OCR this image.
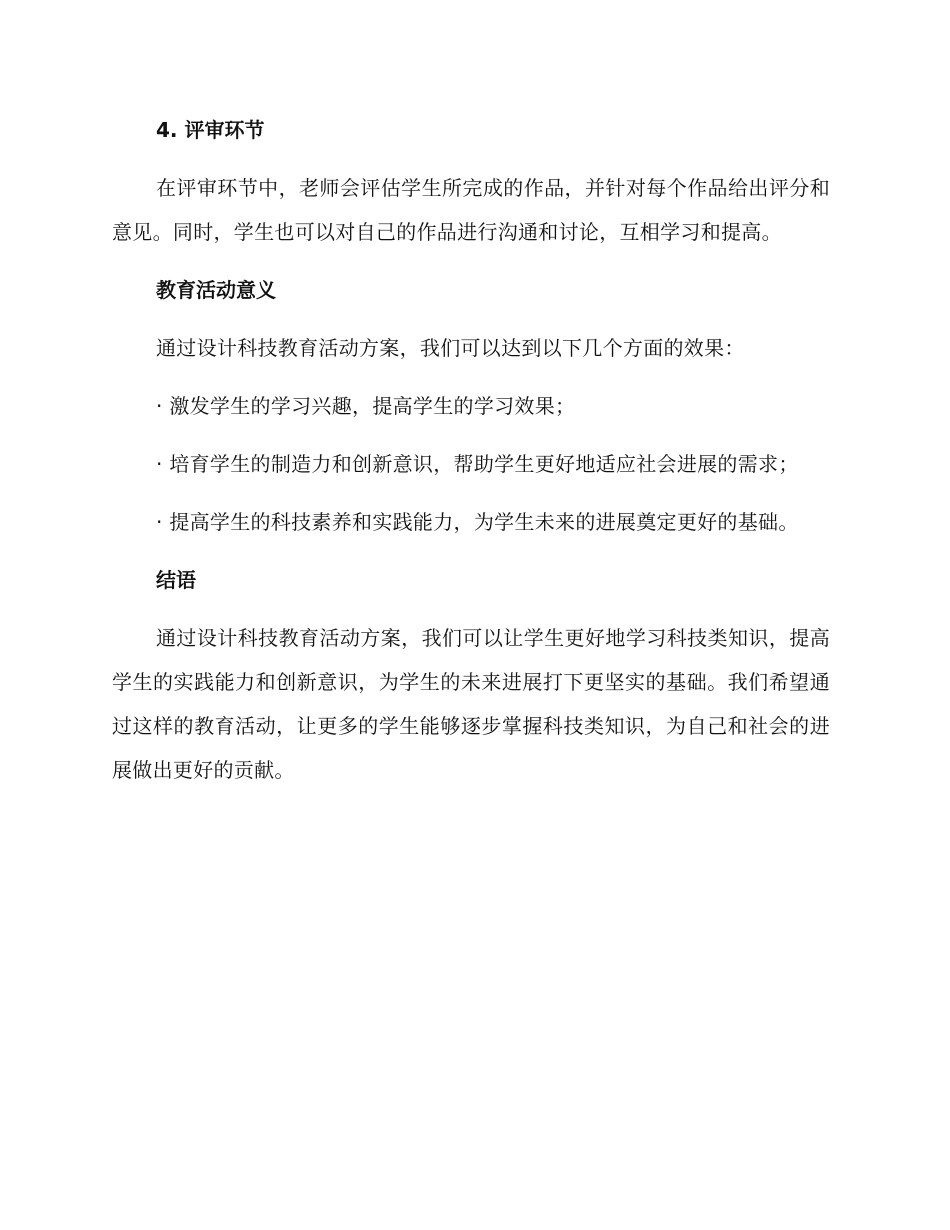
4. 评审环节
在评审环节中，老师会评估学生所完成的作品，并针对每个作品给出评分和意见。同时，学生也可以对自己的作品进行沟通和讨论，互相学习和提高。
教育活动意义
通过设计科技教育活动方案，我们可以达到以下几个方面的效果：
· 激发学生的学习兴趣，提高学生的学习效果；
· 培育学生的制造力和创新意识，帮助学生更好地适应社会进展的需求；
· 提高学生的科技素养和实践能力，为学生未来的进展奠定更好的基础。
结语
通过设计科技教育活动方案，我们可以让学生更好地学习科技类知识，提高学生的实践能力和创新意识，为学生的未来进展打下更坚实的基础。我们希望通过这样的教育活动，让更多的学生能够逐步掌握科技类知识，为自己和社会的进展做出更好的贡献。
